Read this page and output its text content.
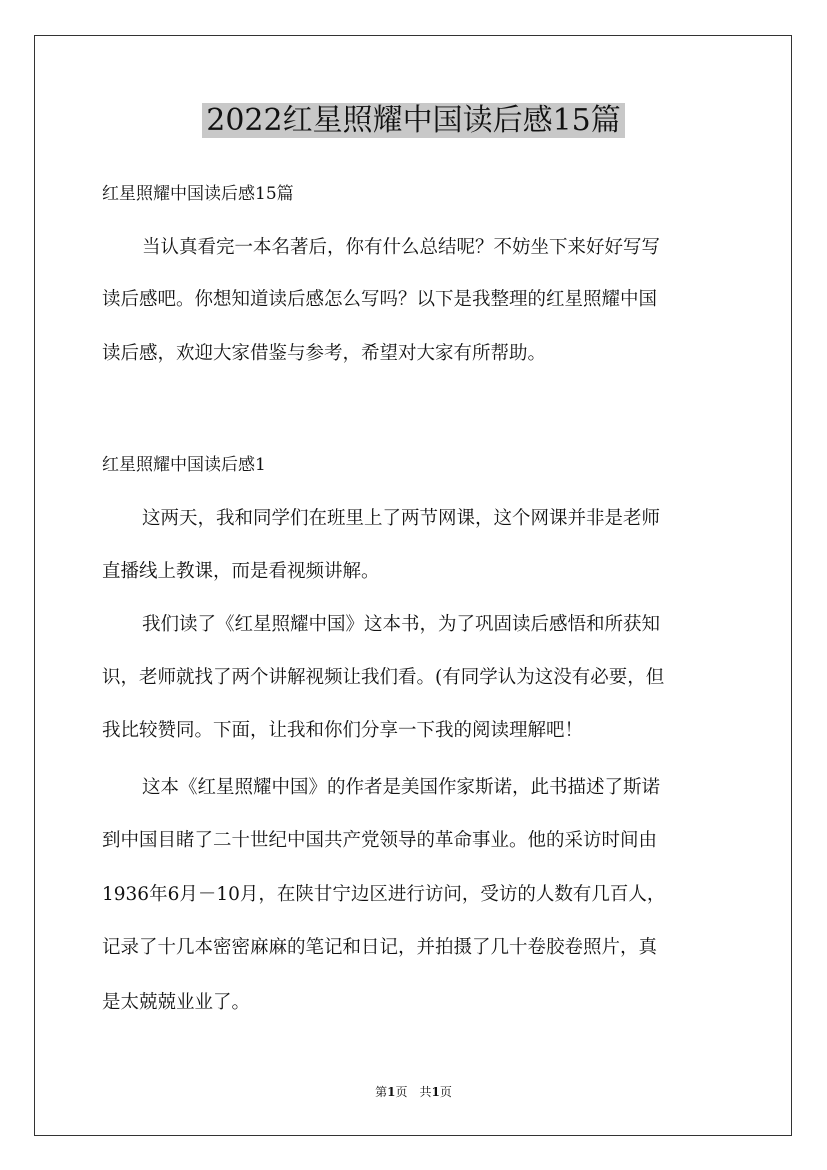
2022红星照耀中国读后感15篇
红星照耀中国读后感15篇
当认真看完一本名著后，你有什么总结呢？不妨坐下来好好写写
读后感吧。你想知道读后感怎么写吗？以下是我整理的红星照耀中国
读后感，欢迎大家借鉴与参考，希望对大家有所帮助。
红星照耀中国读后感1
这两天，我和同学们在班里上了两节网课，这个网课并非是老师
直播线上教课，而是看视频讲解。
我们读了《红星照耀中国》这本书，为了巩固读后感悟和所获知
识，老师就找了两个讲解视频让我们看。(有同学认为这没有必要，但
我比较赞同。下面，让我和你们分享一下我的阅读理解吧！
这本《红星照耀中国》的作者是美国作家斯诺，此书描述了斯诺
到中国目睹了二十世纪中国共产党领导的革命事业。他的采访时间由
1936年6月－10月，在陕甘宁边区进行访问，受访的人数有几百人，
记录了十几本密密麻麻的笔记和日记，并拍摄了几十卷胶卷照片，真
是太兢兢业业了。
第1页　共1页
